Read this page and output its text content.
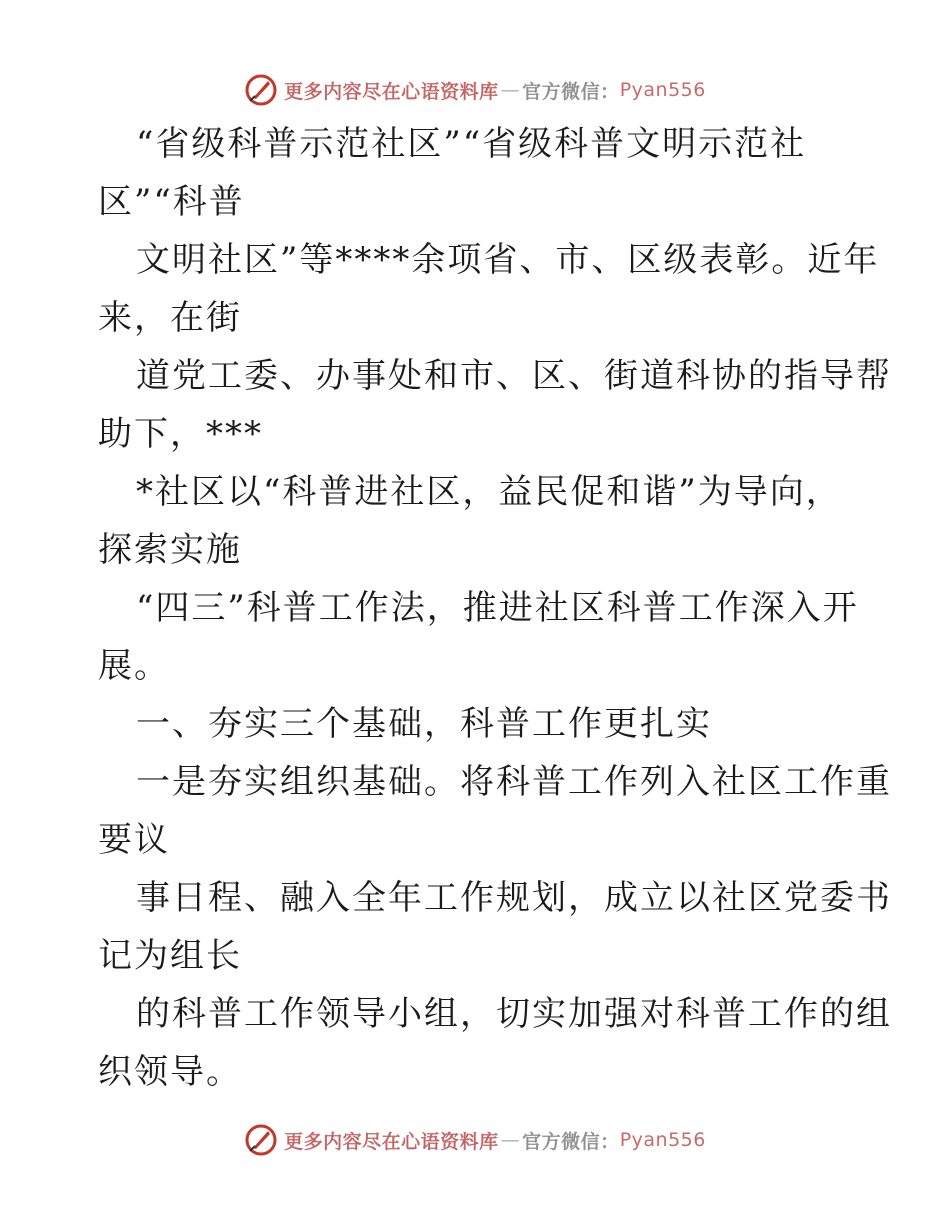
更多内容尽在心语资料库 — 官方微信： Pyan556
“省级科普示范社区”“省级科普文明示范社
区”“科普
文明社区”等****余项省、市、区级表彰。近年
来，在街
道党工委、办事处和市、区、街道科协的指导帮
助下，***
*社区以“科普进社区，益民促和谐”为导向，
探索实施
“四三”科普工作法，推进社区科普工作深入开
展。
一、夯实三个基础，科普工作更扎实
一是夯实组织基础。将科普工作列入社区工作重
要议
事日程、融入全年工作规划，成立以社区党委书
记为组长
的科普工作领导小组，切实加强对科普工作的组
织领导。
更多内容尽在心语资料库 — 官方微信： Pyan556
